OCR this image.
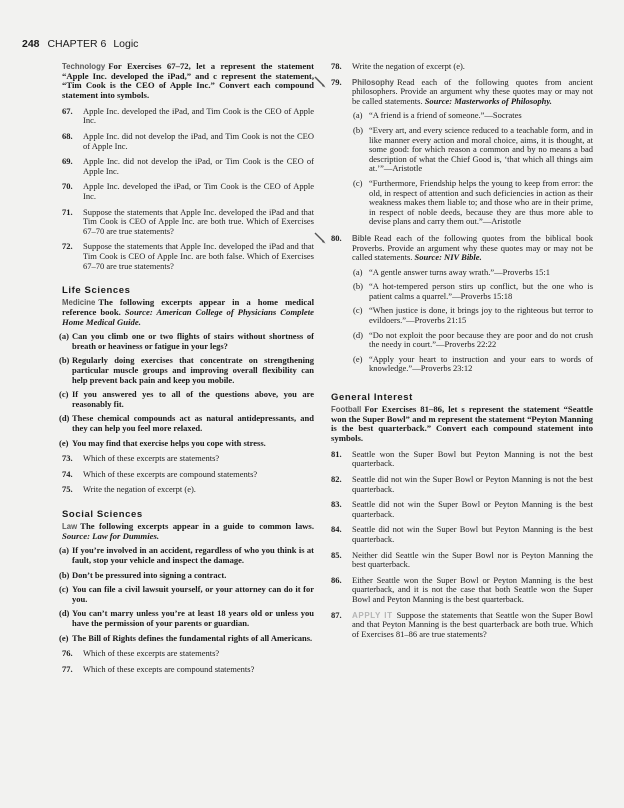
248 CHAPTER 6 Logic

Technology For Exercises 67–72, let a represent the statement “Apple Inc. developed the iPad,” and c represent the statement, “Tim Cook is the CEO of Apple Inc.” Convert each compound statement into symbols.

67.	Apple Inc. developed the iPad, and Tim Cook is the CEO of Apple Inc.
68.	Apple Inc. did not develop the iPad, and Tim Cook is not the CEO of Apple Inc.
69.	Apple Inc. did not develop the iPad, or Tim Cook is the CEO of Apple Inc.
70.	Apple Inc. developed the iPad, or Tim Cook is the CEO of Apple Inc.
71.	Suppose the statements that Apple Inc. developed the iPad and that Tim Cook is CEO of Apple Inc. are both true. Which of Exercises 67–70 are true statements?
72.	Suppose the statements that Apple Inc. developed the iPad and that Tim Cook is CEO of Apple Inc. are both false. Which of Exercises 67–70 are true statements?
Life Sciences

Medicine The following excerpts appear in a home medical reference book. Source: American College of Physicians Complete Home Medical Guide.

(a) Can you climb one or two flights of stairs without shortness of breath or heaviness or fatigue in your legs?
(b) Regularly doing exercises that concentrate on strengthening particular muscle groups and improving overall flexibility can help prevent back pain and keep you mobile.
(c) If you answered yes to all of the questions above, you are reasonably fit.
(d) These chemical compounds act as natural antidepressants, and they can help you feel more relaxed.
(e) You may find that exercise helps you cope with stress.
73.	Which of these excerpts are statements?
74.	Which of these excerpts are compound statements?
75.	Write the negation of excerpt (e).
Social Sciences

Law The following excerpts appear in a guide to common laws. Source: Law for Dummies.

(a) If you’re involved in an accident, regardless of who you think is at fault, stop your vehicle and inspect the damage.
(b) Don’t be pressured into signing a contract.
(c) You can file a civil lawsuit yourself, or your attorney can do it for you.
(d) You can’t marry unless you’re at least 18 years old or unless you have the permission of your parents or guardian.
(e) The Bill of Rights defines the fundamental rights of all Americans.
76.	Which of these excerpts are statements?
77.	Which of these excepts are compound statements?
78.	Write the negation of excerpt (e).
79.	Philosophy Read each of the following quotes from ancient philosophers. Provide an argument why these quotes may or may not be called statements. Source: Masterworks of Philosophy.
(a) “A friend is a friend of someone.”—Socrates
(b) “Every art, and every science reduced to a teachable form, and in like manner every action and moral choice, aims, it is thought, at some good: for which reason a common and by no means a bad description of what the Chief Good is, ‘that which all things aim at.’”—Aristotle
(c) “Furthermore, Friendship helps the young to keep from error: the old, in respect of attention and such deficiencies in action as their weakness makes them liable to; and those who are in their prime, in respect of noble deeds, because they are thus more able to devise plans and carry them out.”—Aristotle
80.	Bible Read each of the following quotes from the biblical book Proverbs. Provide an argument why these quotes may or may not be called statements. Source: NIV Bible.
(a) “A gentle answer turns away wrath.”—Proverbs 15:1
(b) “A hot-tempered person stirs up conflict, but the one who is patient calms a quarrel.”—Proverbs 15:18
(c) “When justice is done, it brings joy to the righteous but terror to evildoers.”—Proverbs 21:15
(d) “Do not exploit the poor because they are poor and do not crush the needy in court.”—Proverbs 22:22
(e) “Apply your heart to instruction and your ears to words of knowledge.”—Proverbs 23:12
General Interest

Football For Exercises 81–86, let s represent the statement “Seattle won the Super Bowl” and m represent the statement “Peyton Manning is the best quarterback.” Convert each compound statement into symbols.

81.	Seattle won the Super Bowl but Peyton Manning is not the best quarterback.
82.	Seattle did not win the Super Bowl or Peyton Manning is not the best quarterback.
83.	Seattle did not win the Super Bowl or Peyton Manning is the best quarterback.
84.	Seattle did not win the Super Bowl but Peyton Manning is the best quarterback.
85.	Neither did Seattle win the Super Bowl nor is Peyton Manning the best quarterback.
86.	Either Seattle won the Super Bowl or Peyton Manning is the best quarterback, and it is not the case that both Seattle won the Super Bowl and Peyton Manning is the best quarterback.
87.	APPLY IT Suppose the statements that Seattle won the Super Bowl and that Peyton Manning is the best quarterback are both true. Which of Exercises 81–86 are true statements?
